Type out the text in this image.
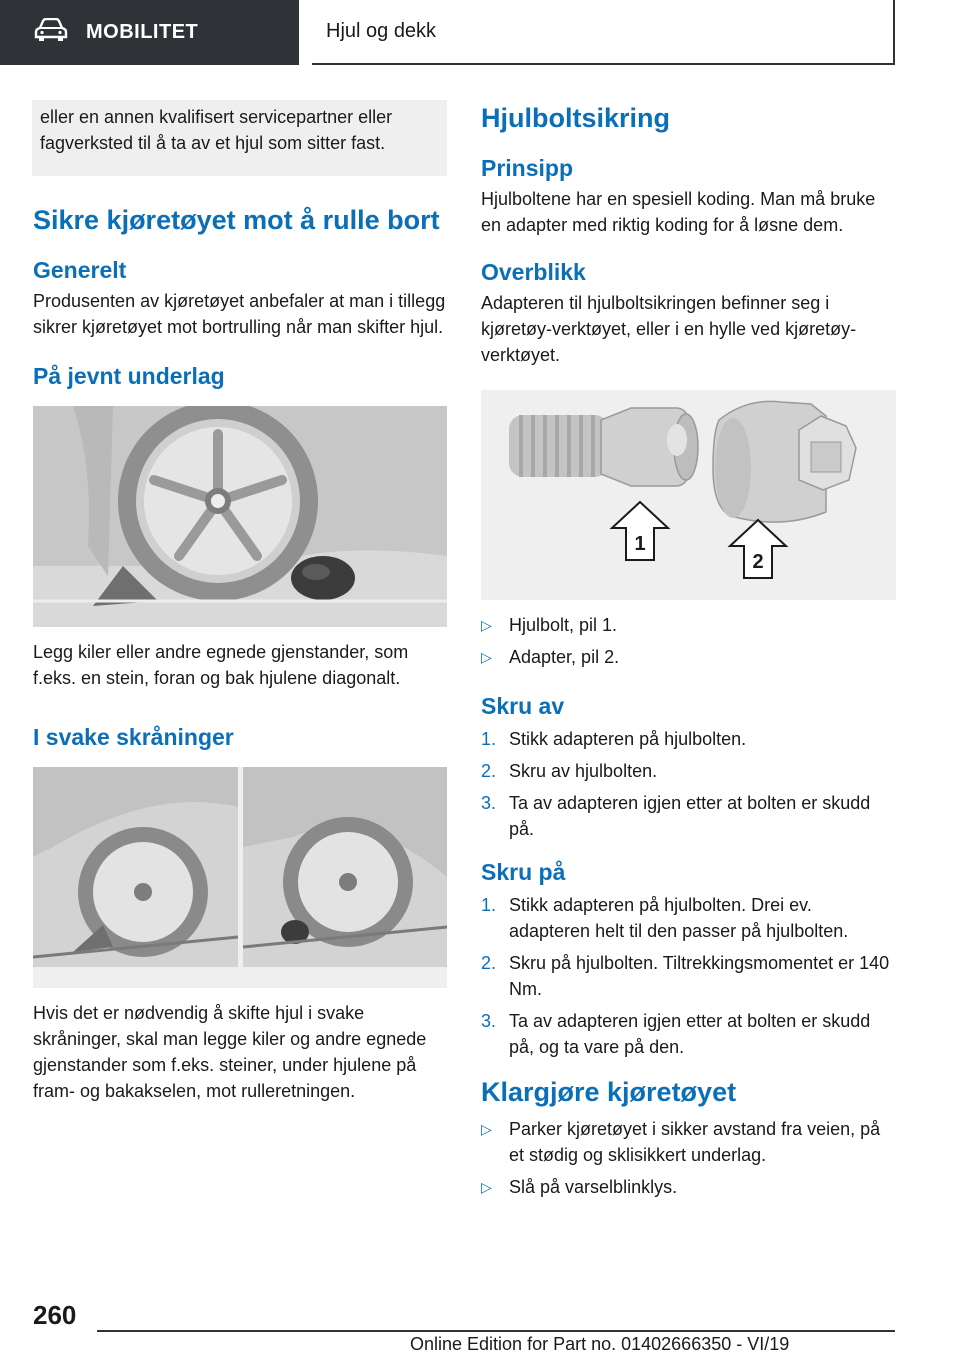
MOBILITET	Hjul og dekk

eller en annen kvalifisert servicepartner eller fagverksted til å ta av et hjul som sitter fast.

Sikre kjøretøyet mot å rulle bort
Generelt

Produsenten av kjøretøyet anbefaler at man i tillegg sikrer kjøretøyet mot bortrulling når man skifter hjul.

På jevnt underlag

Legg kiler eller andre egnede gjenstander, som f.eks. en stein, foran og bak hjulene diagonalt.

I svake skråninger

Hvis det er nødvendig å skifte hjul i svake skråninger, skal man legge kiler og andre egnede gjenstander som f.eks. steiner, under hjulene på fram- og bakakselen, mot rulleretningen.

Hjulboltsikring
Prinsipp

Hjulboltene har en spesiell koding. Man må bruke en adapter med riktig koding for å løsne dem.

Overblikk

Adapteren til hjulboltsikringen befinner seg i kjøretøy-verktøyet, eller i en hylle ved kjøretøy-verktøyet.

1
2
▷ Hjulbolt, pil 1.
▷ Adapter, pil 2.
Skru av
1. Stikk adapteren på hjulbolten.
2. Skru av hjulbolten.
3. Ta av adapteren igjen etter at bolten er skudd på.
Skru på
1. Stikk adapteren på hjulbolten. Drei ev. adapteren helt til den passer på hjulbolten.
2. Skru på hjulbolten. Tiltrekkingsmomentet er 140 Nm.
3. Ta av adapteren igjen etter at bolten er skudd på, og ta vare på den.
Klargjøre kjøretøyet
▷ Parker kjøretøyet i sikker avstand fra veien, på et stødig og sklisikkert underlag.
▷ Slå på varselblinklys.
260
Online Edition for Part no. 01402666350 - VI/19
